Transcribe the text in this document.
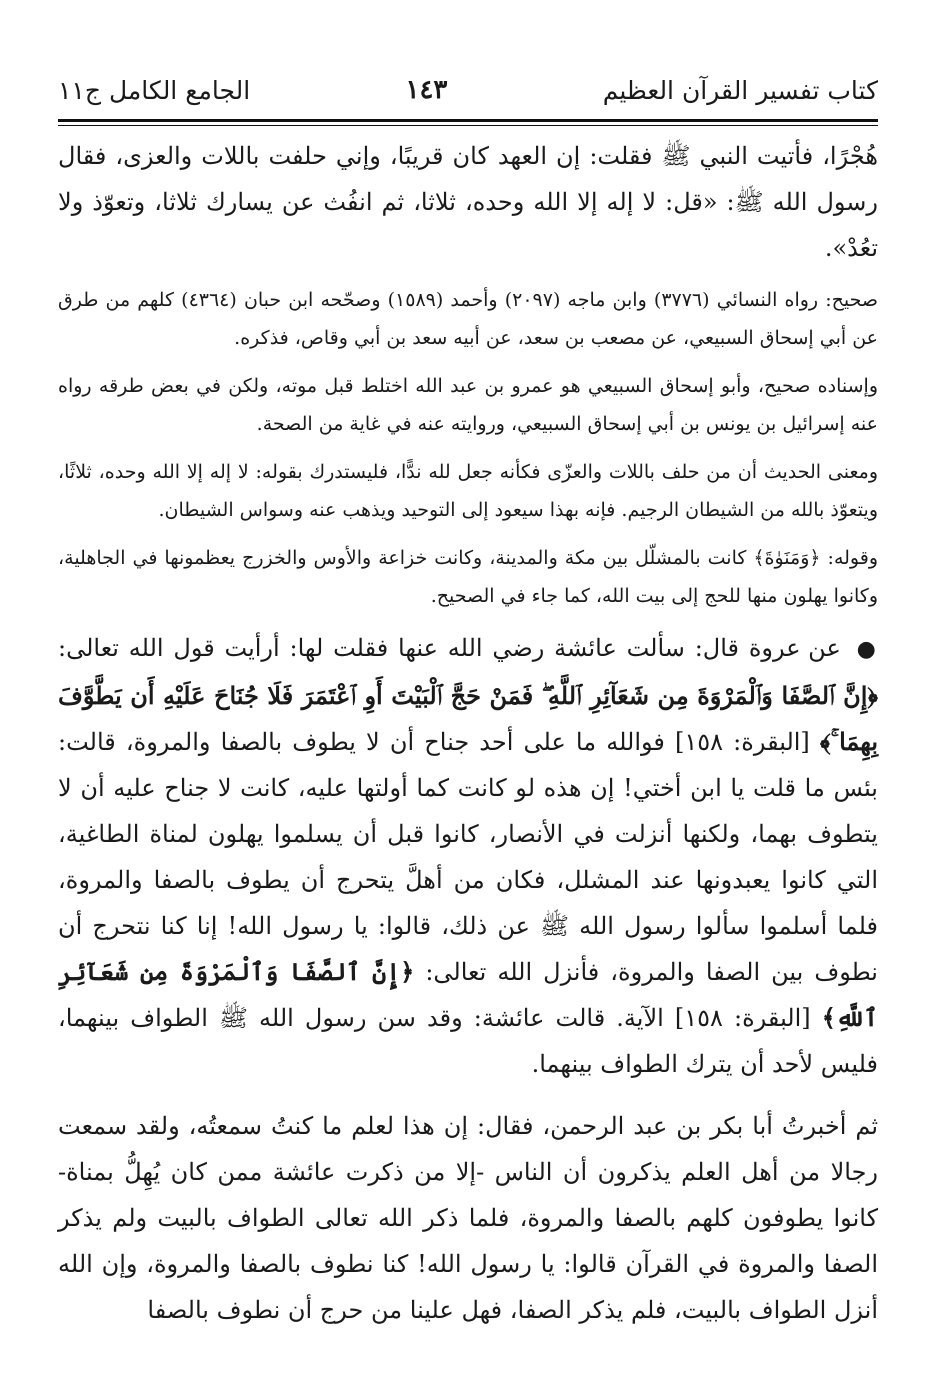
كتاب تفسير القرآن العظيم
١٤٣
الجامع الكامل ج١١

هُجْرًا، فأتيت النبي ﷺ فقلت: إن العهد كان قريبًا، وإني حلفت باللات والعزى، فقال رسول الله ﷺ: «قل: لا إله إلا الله وحده، ثلاثا، ثم انفُث عن يسارك ثلاثا، وتعوّذ ولا تعُدْ».

صحيح: رواه النسائي (٣٧٧٦) وابن ماجه (٢٠٩٧) وأحمد (١٥٨٩) وصحّحه ابن حبان (٤٣٦٤) كلهم من طرق عن أبي إسحاق السبيعي، عن مصعب بن سعد، عن أبيه سعد بن أبي وقاص، فذكره.

وإسناده صحيح، وأبو إسحاق السبيعي هو عمرو بن عبد الله اختلط قبل موته، ولكن في بعض طرقه رواه عنه إسرائيل بن يونس بن أبي إسحاق السبيعي، وروايته عنه في غاية من الصحة.

ومعنى الحديث أن من حلف باللات والعزّى فكأنه جعل لله ندًّا، فليستدرك بقوله: لا إله إلا الله وحده، ثلاثًا، ويتعوّذ بالله من الشيطان الرجيم. فإنه بهذا سيعود إلى التوحيد ويذهب عنه وسواس الشيطان.

وقوله: ﴿وَمَنَوٰةَ﴾ كانت بالمشلّل بين مكة والمدينة، وكانت خزاعة والأوس والخزرج يعظمونها في الجاهلية، وكانوا يهلون منها للحج إلى بيت الله، كما جاء في الصحيح.

● عن عروة قال: سألت عائشة رضي الله عنها فقلت لها: أرأيت قول الله تعالى: ﴿إِنَّ ٱلصَّفَا وَٱلْمَرْوَةَ مِن شَعَآئِرِ ٱللَّهِ ۖ فَمَنْ حَجَّ ٱلْبَيْتَ أَوِ ٱعْتَمَرَ فَلَا جُنَاحَ عَلَيْهِ أَن يَطَّوَّفَ بِهِمَا ۚ﴾ [البقرة: ١٥٨] فوالله ما على أحد جناح أن لا يطوف بالصفا والمروة، قالت: بئس ما قلت يا ابن أختي! إن هذه لو كانت كما أولتها عليه، كانت لا جناح عليه أن لا يتطوف بهما، ولكنها أنزلت في الأنصار، كانوا قبل أن يسلموا يهلون لمناة الطاغية، التي كانوا يعبدونها عند المشلل، فكان من أهلَّ يتحرج أن يطوف بالصفا والمروة، فلما أسلموا سألوا رسول الله ﷺ عن ذلك، قالوا: يا رسول الله! إنا كنا نتحرج أن نطوف بين الصفا والمروة، فأنزل الله تعالى: ﴿إِنَّ ٱلصَّفَا وَٱلْمَرْوَةَ مِن شَعَآئِرِ ٱللَّهِ﴾ [البقرة: ١٥٨] الآية. قالت عائشة: وقد سن رسول الله ﷺ الطواف بينهما، فليس لأحد أن يترك الطواف بينهما.

ثم أخبرتُ أبا بكر بن عبد الرحمن، فقال: إن هذا لعلم ما كنتُ سمعتُه، ولقد سمعت رجالا من أهل العلم يذكرون أن الناس -إلا من ذكرت عائشة ممن كان يُهِلُّ بمناة- كانوا يطوفون كلهم بالصفا والمروة، فلما ذكر الله تعالى الطواف بالبيت ولم يذكر الصفا والمروة في القرآن قالوا: يا رسول الله! كنا نطوف بالصفا والمروة، وإن الله أنزل الطواف بالبيت، فلم يذكر الصفا، فهل علينا من حرج أن نطوف بالصفا
